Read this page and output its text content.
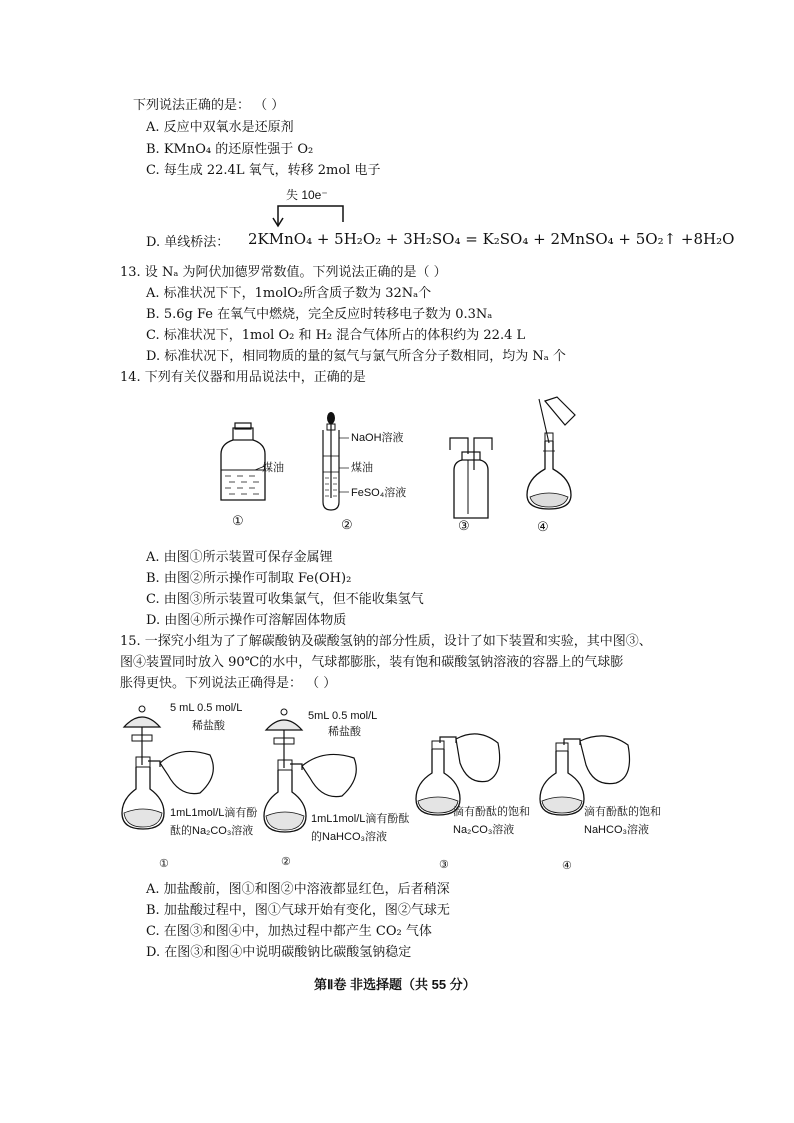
下列说法正确的是： （ ）
A. 反应中双氧水是还原剂
B. KMnO₄ 的还原性强于 O₂
C. 每生成 22.4L 氧气，转移 2mol 电子
失 10e⁻
D. 单线桥法： 2KMnO₄ + 5H₂O₂ + 3H₂SO₄ = K₂SO₄ + 2MnSO₄ + 5O₂↑ +8H₂O
13. 设 Nₐ 为阿伏加德罗常数值。下列说法正确的是（ ）
A. 标准状况下下，1molO₂所含质子数为 32Nₐ个
B. 5.6g Fe 在氧气中燃烧，完全反应时转移电子数为 0.3Nₐ
C. 标准状况下，1mol O₂ 和 H₂ 混合气体所占的体积约为 22.4 L
D. 标准状况下，相同物质的量的氦气与氯气所含分子数相同，均为 Nₐ 个
14. 下列有关仪器和用品说法中，正确的是
煤油
①
NaOH溶液
煤油
FeSO₄溶液
②	③	④
A. 由图①所示装置可保存金属锂
B. 由图②所示操作可制取 Fe(OH)₂
C. 由图③所示装置可收集氯气，但不能收集氢气
D. 由图④所示操作可溶解固体物质
15. 一探究小组为了了解碳酸钠及碳酸氢钠的部分性质，设计了如下装置和实验，其中图③、
图④装置同时放入 90℃的水中，气球都膨胀，装有饱和碳酸氢钠溶液的容器上的气球膨
胀得更快。下列说法正确得是： （ ）
5 mL 0.5 mol/L
稀盐酸
1mL1mol/L滴有酚
酞的Na₂CO₃溶液
①
5mL 0.5 mol/L
稀盐酸
1mL1mol/L滴有酚酞
的NaHCO₃溶液
②
滴有酚酞的饱和
Na₂CO₃溶液
③
滴有酚酞的饱和
NaHCO₃溶液
④
A. 加盐酸前，图①和图②中溶液都显红色，后者稍深
B. 加盐酸过程中，图①气球开始有变化，图②气球无
C. 在图③和图④中，加热过程中都产生 CO₂ 气体
D. 在图③和图④中说明碳酸钠比碳酸氢钠稳定
第Ⅱ卷 非选择题（共 55 分）
